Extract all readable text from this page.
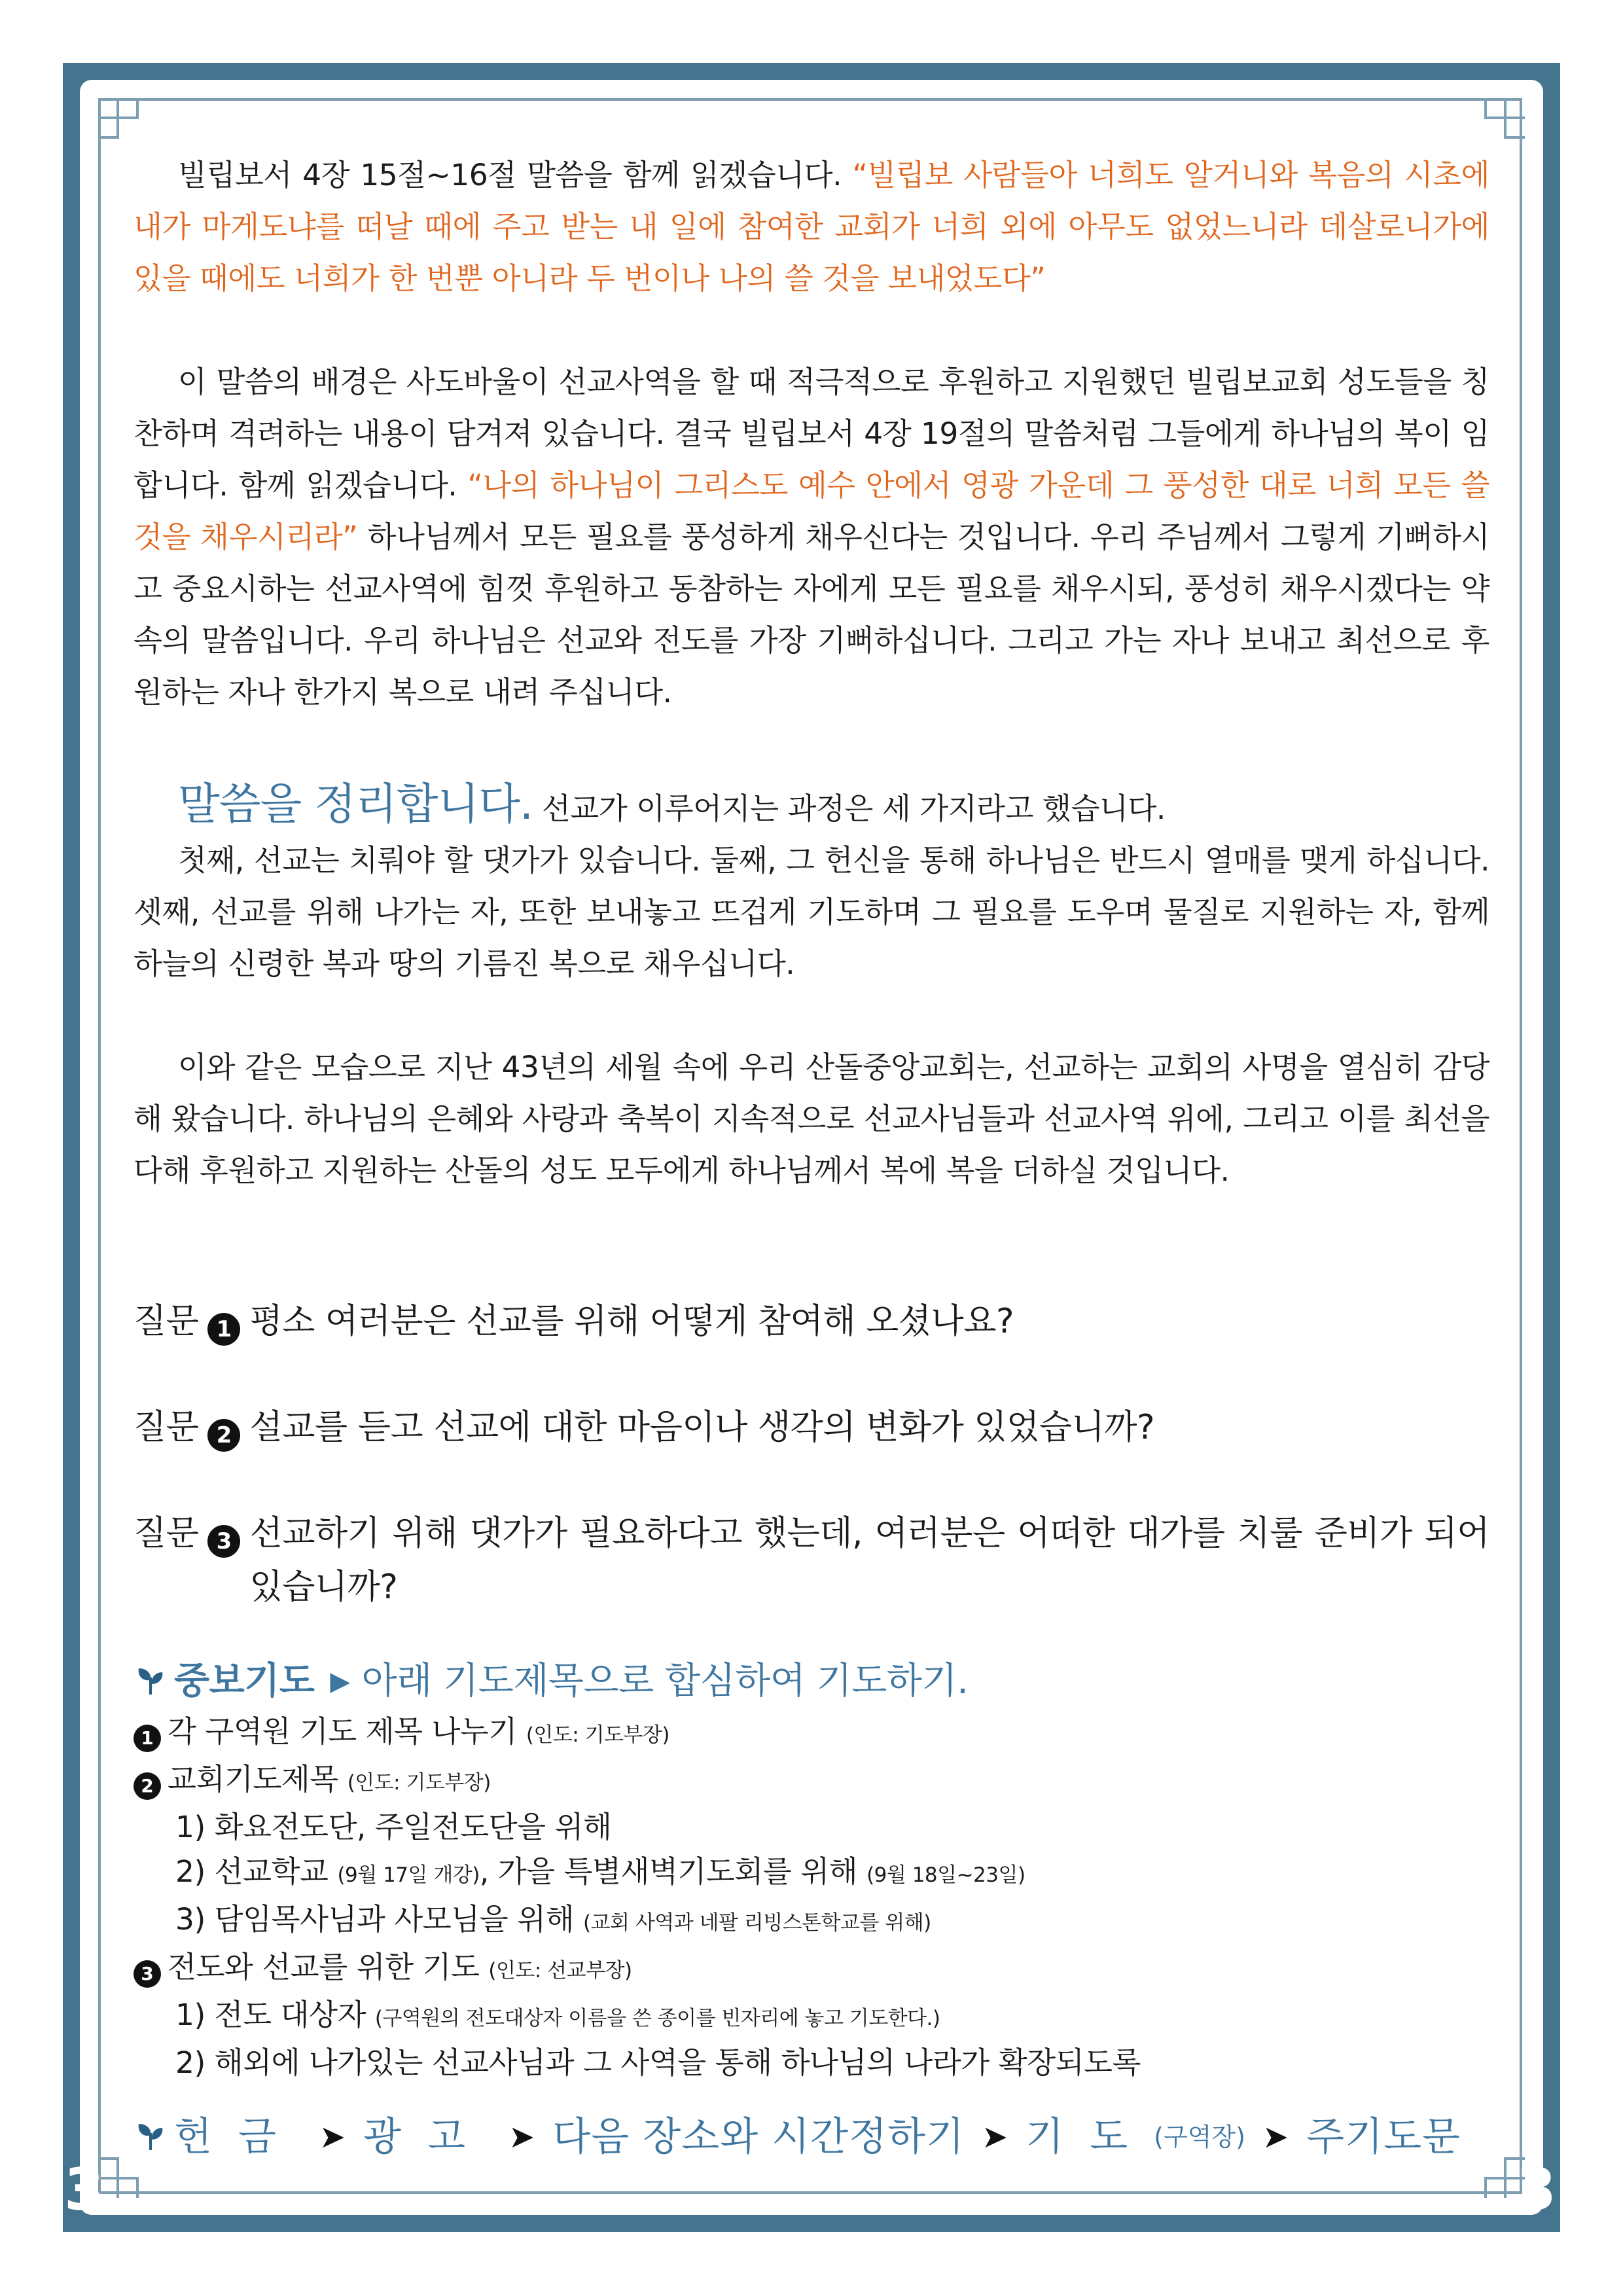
3	3

빌립보서 4장 15절~16절 말씀을 함께 읽겠습니다. “빌립보 사람들아 너희도 알거니와 복음의 시초에 내가 마게도냐를 떠날 때에 주고 받는 내 일에 참여한 교회가 너희 외에 아무도 없었느니라 데살로니가에 있을 때에도 너희가 한 번뿐 아니라 두 번이나 나의 쓸 것을 보내었도다”

이 말씀의 배경은 사도바울이 선교사역을 할 때 적극적으로 후원하고 지원했던 빌립보교회 성도들을 칭찬하며 격려하는 내용이 담겨져 있습니다. 결국 빌립보서 4장 19절의 말씀처럼 그들에게 하나님의 복이 임합니다. 함께 읽겠습니다. “나의 하나님이 그리스도 예수 안에서 영광 가운데 그 풍성한 대로 너희 모든 쓸 것을 채우시리라” 하나님께서 모든 필요를 풍성하게 채우신다는 것입니다. 우리 주님께서 그렇게 기뻐하시고 중요시하는 선교사역에 힘껏 후원하고 동참하는 자에게 모든 필요를 채우시되, 풍성히 채우시겠다는 약속의 말씀입니다. 우리 하나님은 선교와 전도를 가장 기뻐하십니다. 그리고 가는 자나 보내고 최선으로 후원하는 자나 한가지 복으로 내려 주십니다.

말씀을 정리합니다. 선교가 이루어지는 과정은 세 가지라고 했습니다.

첫째, 선교는 치뤄야 할 댓가가 있습니다. 둘째, 그 헌신을 통해 하나님은 반드시 열매를 맺게 하십니다. 셋째, 선교를 위해 나가는 자, 또한 보내놓고 뜨겁게 기도하며 그 필요를 도우며 물질로 지원하는 자, 함께 하늘의 신령한 복과 땅의 기름진 복으로 채우십니다.

이와 같은 모습으로 지난 43년의 세월 속에 우리 산돌중앙교회는, 선교하는 교회의 사명을 열심히 감당해 왔습니다. 하나님의 은혜와 사랑과 축복이 지속적으로 선교사님들과 선교사역 위에, 그리고 이를 최선을 다해 후원하고 지원하는 산돌의 성도 모두에게 하나님께서 복에 복을 더하실 것입니다.

질문 1 평소 여러분은 선교를 위해 어떻게 참여해 오셨나요?
질문 2 설교를 듣고 선교에 대한 마음이나 생각의 변화가 있었습니까?
질문 3 선교하기 위해 댓가가 필요하다고 했는데, 여러분은 어떠한 대가를 치룰 준비가 되어 있습니까?
중보기도 ▶ 아래 기도제목으로 합심하여 기도하기.

1 각 구역원 기도 제목 나누기 (인도: 기도부장)

2 교회기도제목 (인도: 기도부장)

1) 화요전도단, 주일전도단을 위해

2) 선교학교 (9월 17일 개강), 가을 특별새벽기도회를 위해 (9월 18일~23일)

3) 담임목사님과 사모님을 위해 (교회 사역과 네팔 리빙스톤학교를 위해)

3 전도와 선교를 위한 기도 (인도: 선교부장)

1) 전도 대상자 (구역원의 전도대상자 이름을 쓴 종이를 빈자리에 놓고 기도한다.)

2) 해외에 나가있는 선교사님과 그 사역을 통해 하나님의 나라가 확장되도록

헌금 ➤ 광고 ➤ 다음 장소와 시간정하기 ➤ 기도 (구역장) ➤ 주기도문
